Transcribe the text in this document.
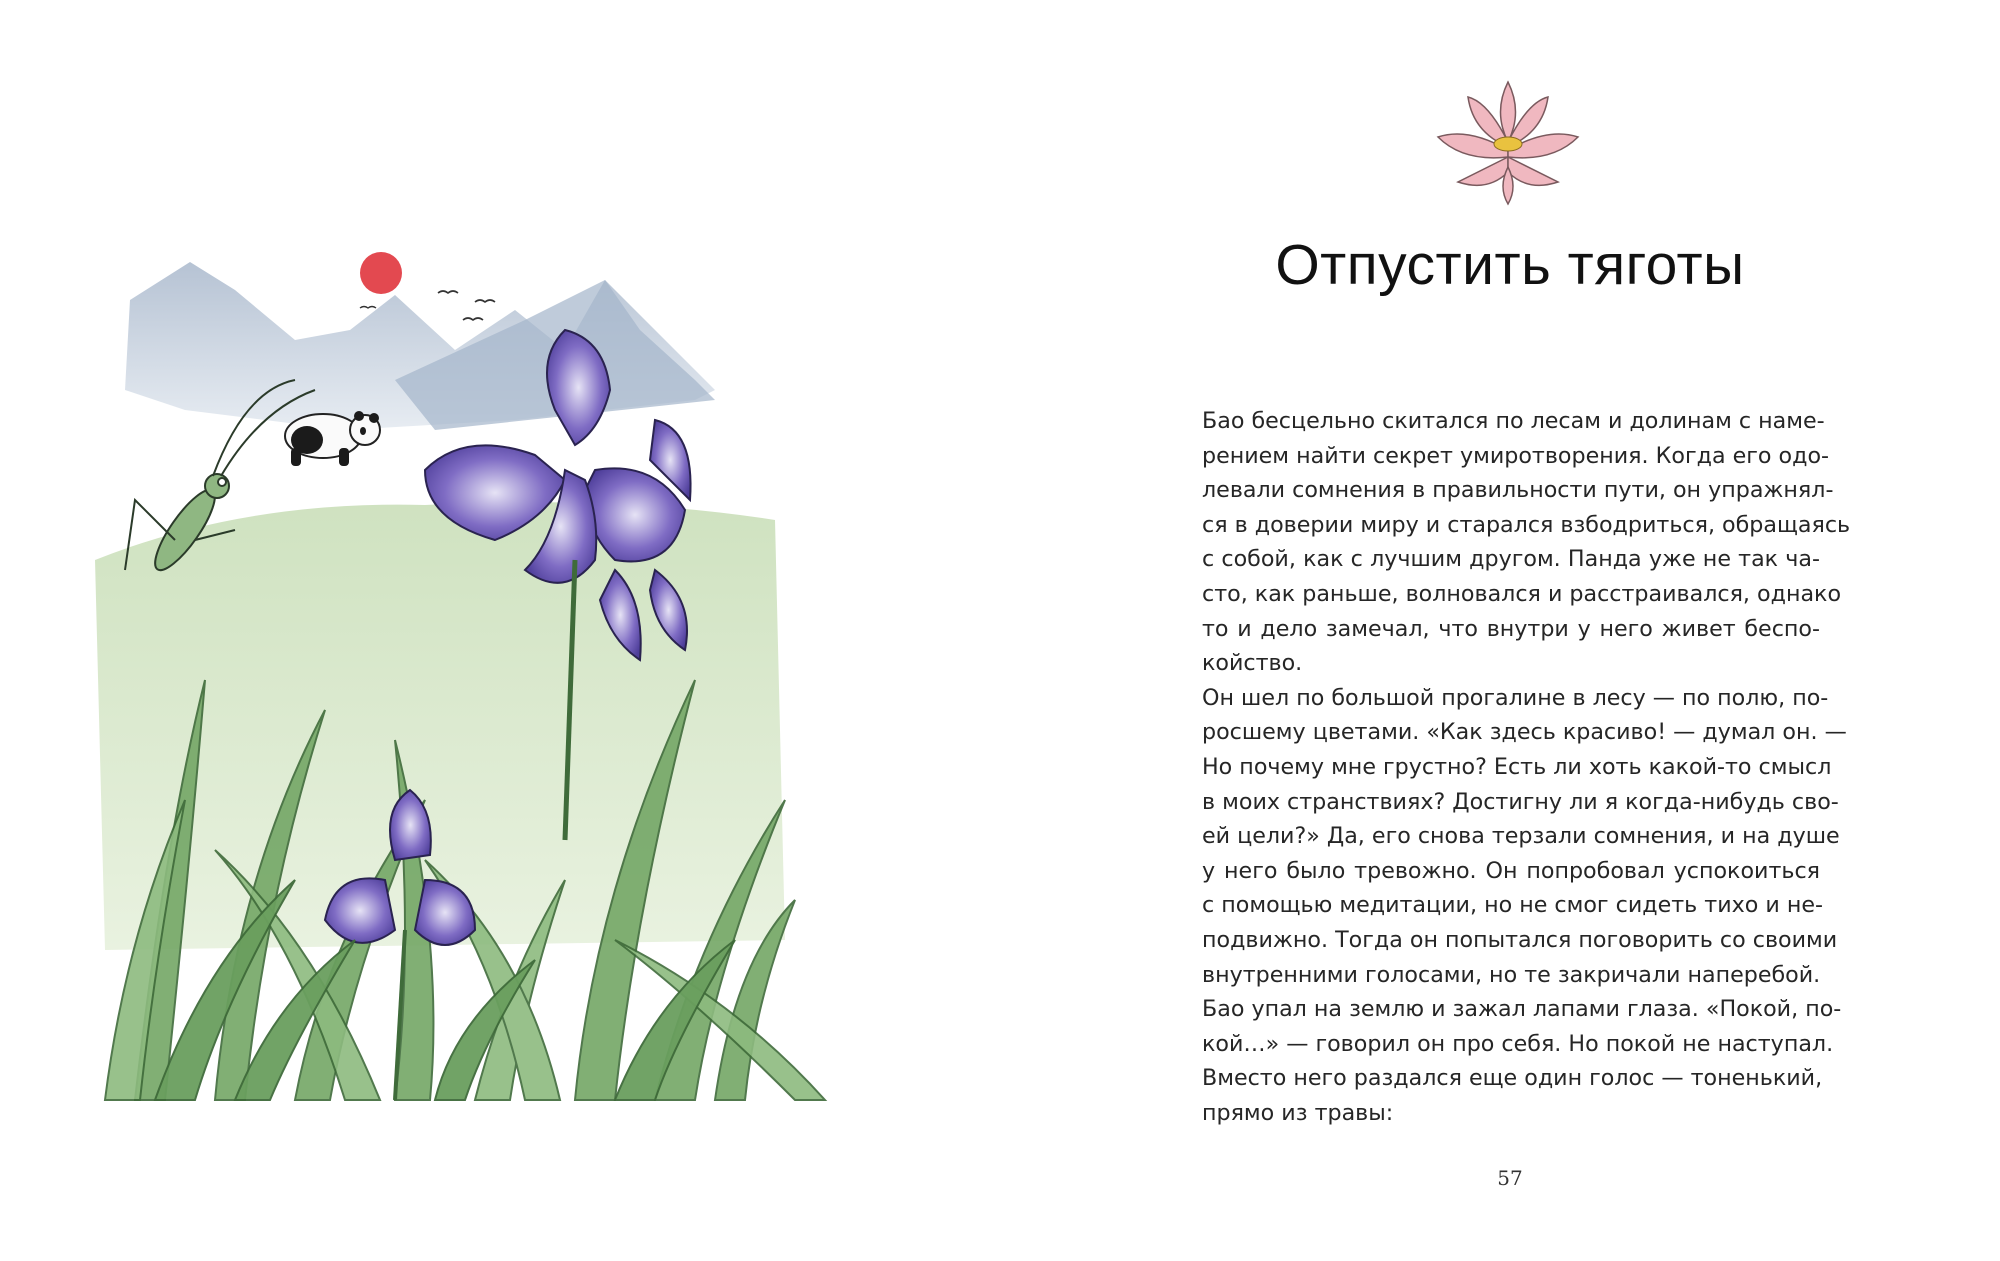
Отпустить тяготы
Бао бесцельно скитался по лесам и долинам с наме-
рением найти секрет умиротворения. Когда его одо-
левали сомнения в правильности пути, он упражнял-
ся в доверии миру и старался взбодриться, обращаясь
с собой, как с лучшим другом. Панда уже не так ча-
сто, как раньше, волновался и расстраивался, однако
то и дело замечал, что внутри у него живет беспо-
койство.
Он шел по большой прогалине в лесу — по полю, по-
росшему цветами. «Как здесь красиво! — думал он. —
Но почему мне грустно? Есть ли хоть какой-то смысл
в моих странствиях? Достигну ли я когда-нибудь сво-
ей цели?» Да, его снова терзали сомнения, и на душе
у него было тревожно. Он попробовал успокоиться
с помощью медитации, но не смог сидеть тихо и не-
подвижно. Тогда он попытался поговорить со своими
внутренними голосами, но те закричали наперебой.
Бао упал на землю и зажал лапами глаза. «Покой, по-
кой…» — говорил он про себя. Но покой не наступал.
Вместо него раздался еще один голос — тоненький,
прямо из травы:
57
